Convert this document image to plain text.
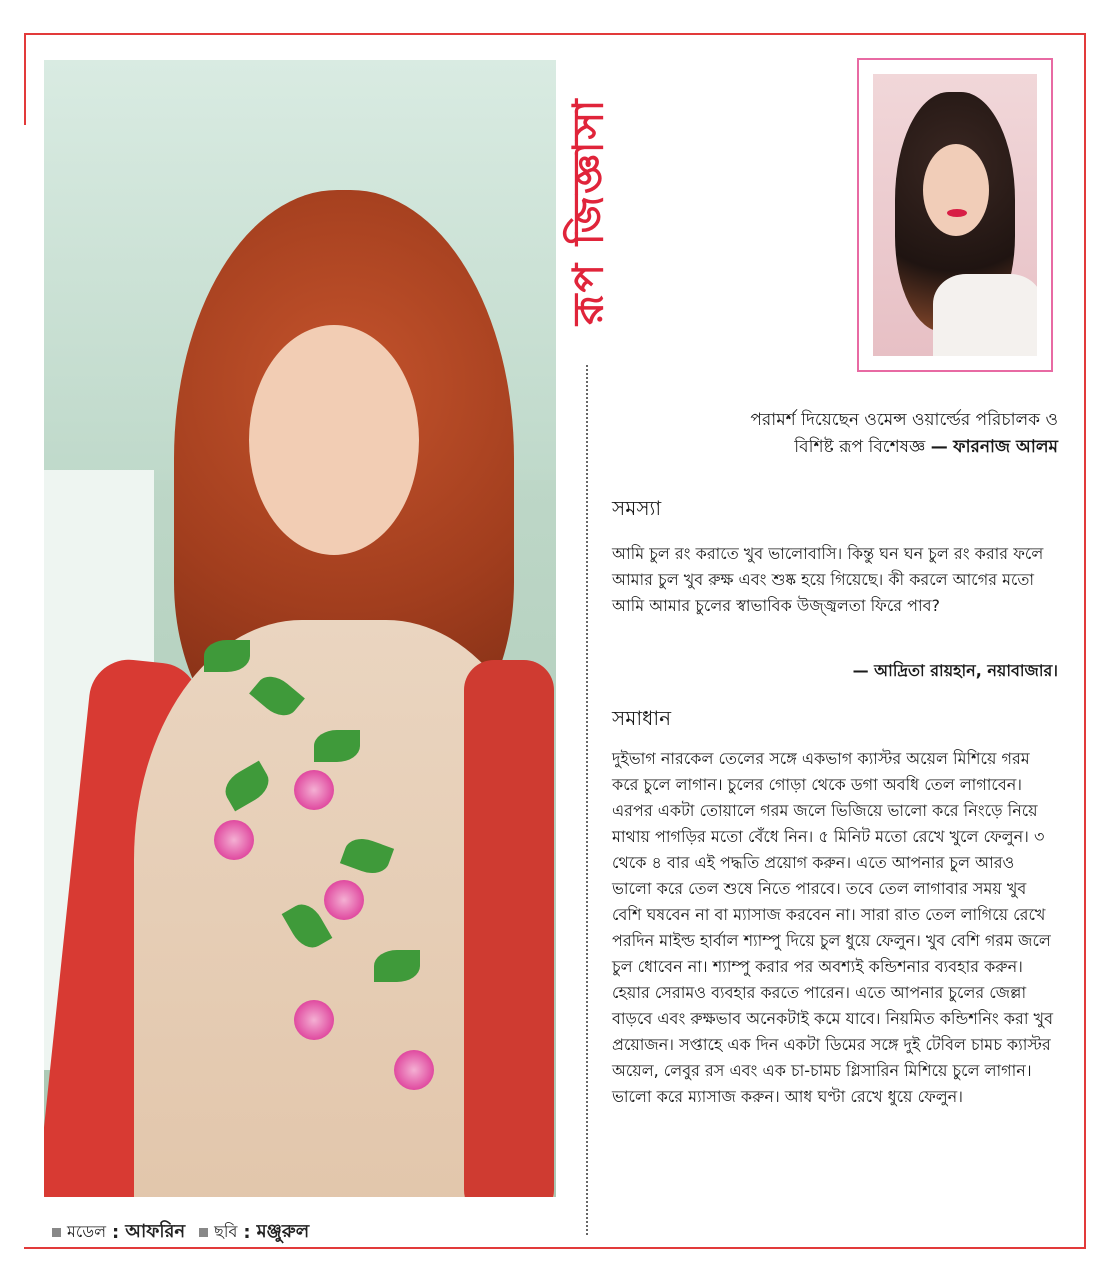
রূপ জিজ্ঞাসা
পরামর্শ দিয়েছেন ওমেন্স ওয়ার্ল্ডের পরিচালক ও
বিশিষ্ট রূপ বিশেষজ্ঞ — ফারনাজ আলম
সমস্যা
আমি চুল রং করাতে খুব ভালোবাসি। কিন্তু ঘন ঘন চুল রং করার ফলে আমার চুল খুব রুক্ষ এবং শুষ্ক হয়ে গিয়েছে। কী করলে আগের মতো আমি আমার চুলের স্বাভাবিক উজ্জ্বলতা ফিরে পাব?
— আদ্রিতা রায়হান, নয়াবাজার।
সমাধান
দুইভাগ নারকেল তেলের সঙ্গে একভাগ ক্যাস্টর অয়েল মিশিয়ে গরম করে চুলে লাগান। চুলের গোড়া থেকে ডগা অবধি তেল লাগাবেন। এরপর একটা তোয়ালে গরম জলে ভিজিয়ে ভালো করে নিংড়ে নিয়ে মাথায় পাগড়ির মতো বেঁধে নিন। ৫ মিনিট মতো রেখে খুলে ফেলুন। ৩ থেকে ৪ বার এই পদ্ধতি প্রয়োগ করুন। এতে আপনার চুল আরও ভালো করে তেল শুষে নিতে পারবে। তবে তেল লাগাবার সময় খুব বেশি ঘষবেন না বা ম্যাসাজ করবেন না। সারা রাত তেল লাগিয়ে রেখে পরদিন মাইল্ড হার্বাল শ্যাম্পু দিয়ে চুল ধুয়ে ফেলুন। খুব বেশি গরম জলে চুল ধোবেন না। শ্যাম্পু করার পর অবশ্যই কন্ডিশনার ব্যবহার করুন। হেয়ার সেরামও ব্যবহার করতে পারেন। এতে আপনার চুলের জেল্লা বাড়বে এবং রুক্ষভাব অনেকটাই কমে যাবে। নিয়মিত কন্ডিশনিং করা খুব প্রয়োজন। সপ্তাহে এক দিন একটা ডিমের সঙ্গে দুই টেবিল চামচ ক্যাস্টর অয়েল, লেবুর রস এবং এক চা-চামচ গ্লিসারিন মিশিয়ে চুলে লাগান। ভালো করে ম্যাসাজ করুন। আধ ঘণ্টা রেখে ধুয়ে ফেলুন।
মডেল : আফরিন ছবি : মঞ্জুরুল
